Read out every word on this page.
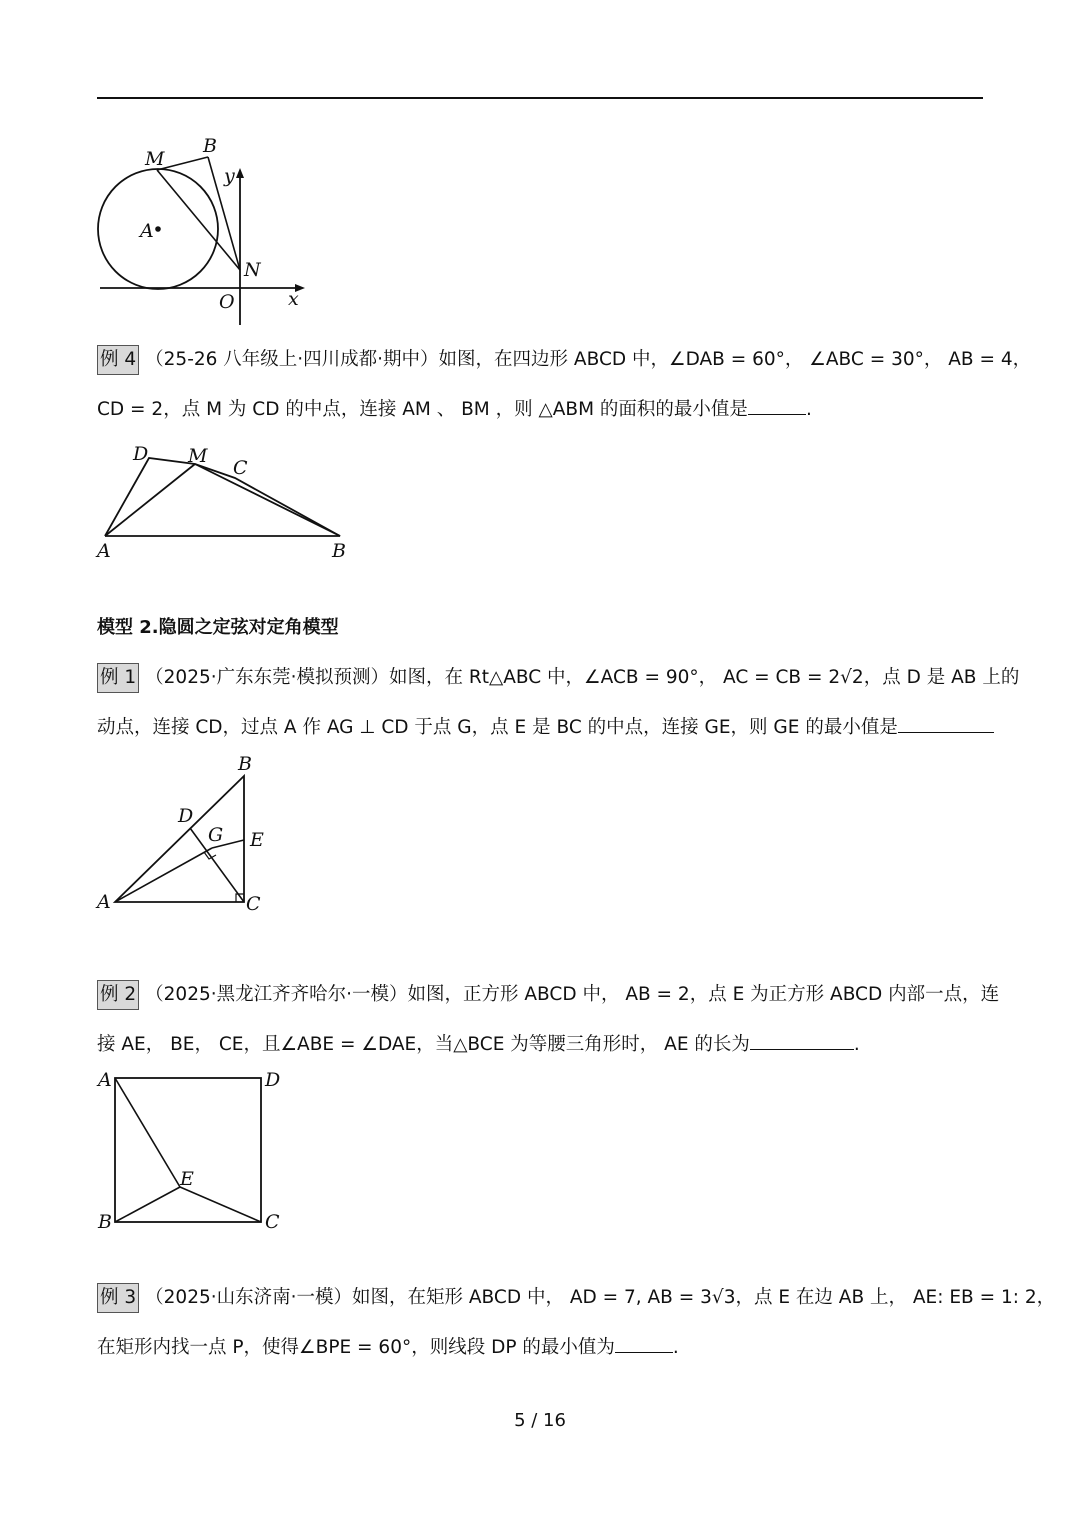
M
B
y
A
N
O	x
例 4 （25-26 八年级上·四川成都·期中）如图，在四边形 ABCD 中，∠DAB = 60°， ∠ABC = 30°， AB = 4，
CD = 2，点 M 为 CD 的中点，连接 AM 、 BM ，则 △ABM 的面积的最小值是	.
D M
C
A	B
模型 2.隐圆之定弦对定角模型
例 1 （2025·广东东莞·模拟预测）如图，在 Rt△ABC 中，∠ACB = 90°， AC = CB = 2√2，点 D 是 AB 上的
动点，连接 CD，过点 A 作 AG ⊥ CD 于点 G，点 E 是 BC 的中点，连接 GE，则 GE 的最小值是
B
D
G E
A	C
例 2 （2025·黑龙江齐齐哈尔·一模）如图，正方形 ABCD 中， AB = 2，点 E 为正方形 ABCD 内部一点，连
接 AE， BE， CE，且∠ABE = ∠DAE，当△BCE 为等腰三角形时， AE 的长为	.
A	D
E
B	C
例 3 （2025·山东济南·一模）如图，在矩形 ABCD 中， AD = 7, AB = 3√3，点 E 在边 AB 上， AE: EB = 1: 2，
在矩形内找一点 P，使得∠BPE = 60°，则线段 DP 的最小值为	.
5 / 16
